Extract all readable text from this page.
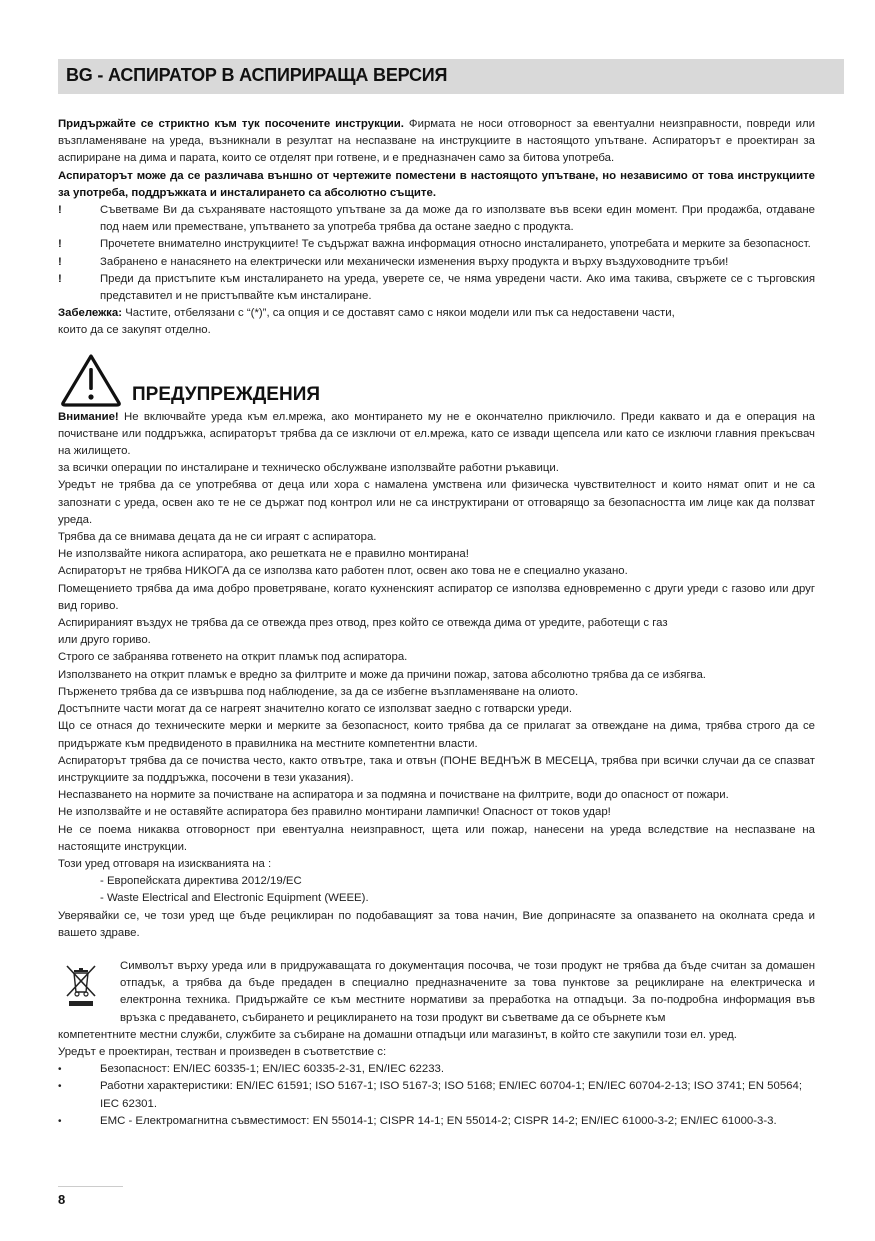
BG - АСПИРАТОР В АСПИРИРАЩА ВЕРСИЯ

Придържайте се стриктно към тук посочените инструкции. Фирмата не носи отговорност за евентуални неизправности, повреди или възпламеняване на уреда, възникнали в резултат на неспазване на инструкциите в настоящото упътване. Аспираторът е проектиран за аспириране на дима и парата, които се отделят при готвене, и е предназначен само за битова употреба.

Аспираторът може да се различава външно от чертежите поместени в настоящото упътване, но независимо от това инструкциите за употреба, поддръжката и инсталирането са абсолютно същите.

!	Съветваме Ви да съхранявате настоящото упътване за да може да го използвате във всеки един момент. При продажба, отдаване под наем или преместване, упътването за употреба трябва да остане заедно с продукта.
!	Прочетете внимателно инструкциите! Те съдържат важна информация относно инсталирането, употребата и мерките за безопасност.
!	Забранено е нанасянето на електрически или механически изменения върху продукта и върху въздуховодните тръби!
!	Преди да пристъпите към инсталирането на уреда, уверете се, че няма увредени части. Ако има такива, свържете се с търговския представител и не пристъпвайте към инсталиране.

Забележка: Частите, отбелязани с “(*)”, са опция и се доставят само с някои модели или пък са недоставени части,
които да се закупят отделно.

ПРЕДУПРЕЖДЕНИЯ

Внимание! Не включвайте уреда към ел.мрежа, ако монтирането му не е окончателно приключило. Преди каквато и да е операция на почистване или поддръжка, аспираторът трябва да се изключи от ел.мрежа, като се извади щепсела или като се изключи главния прекъсвач на жилището.

за всички операции по инсталиране и техническо обслужване използвайте работни ръкавици.

Уредът не трябва да се употребява от деца или хора с намалена умствена или физическа чувствителност и които нямат опит и не са запознати с уреда, освен ако те не се държат под контрол или не са инструктирани от отговарящо за безопасността им лице как да ползват уреда.

Трябва да се внимава децата да не си играят с аспиратора.

Не използвайте никога аспиратора, ако решетката не е правилно монтирана!

Аспираторът не трябва НИКОГА да се използва като работен плот, освен ако това не е специално указано.

Помещението трябва да има добро проветряване, когато кухненският аспиратор се използва едновременно с други уреди с газово или друг вид гориво.

Аспирираният въздух не трябва да се отвежда през отвод, през който се отвежда дима от уредите, работещи с газ
или друго гориво.

Строго се забранява готвенето на открит пламък под аспиратора.

Използването на открит пламък е вредно за филтрите и може да причини пожар, затова абсолютно трябва да се избягва.

Пърженето трябва да се извършва под наблюдение, за да се избегне възпламеняване на олиото.

Достъпните части могат да се нагреят значително когато се използват заедно с готварски уреди.

Що се отнася до техническите мерки и мерките за безопасност, които трябва да се прилагат за отвеждане на дима, трябва строго да се придържате към предвиденото в правилника на местните компетентни власти.

Аспираторът трябва да се почиства често, както отвътре, така и отвън (ПОНЕ ВЕДНЪЖ В МЕСЕЦА, трябва при всички случаи да се спазват инструкциите за поддръжка, посочени в тези указания).

Неспазването на нормите за почистване на аспиратора и за подмяна и почистване на филтрите, води до опасност от пожари.

Не използвайте и не оставяйте аспиратора без правилно монтирани лампички! Опасност от токов удар!

Не се поема никаква отговорност при евентуална неизправност, щета или пожар, нанесени на уреда вследствие на неспазване на настоящите инструкции.

Този уред отговаря на изискванията на :

- Европейската директива 2012/19/ЕС

- Waste Electrical and Electronic Equipment (WEEE).

Уверявайки се, че този уред ще бъде рециклиран по подобаващият за това начин, Вие допринасяте за опазването на околната среда и вашето здраве.

Символът върху уреда или в придружаващата го документация посочва, че този продукт не трябва да бъде считан за домашен отпадък, а трябва да бъде предаден в специално предназначените за това пунктове за рециклиране на електрическа и електронна техника. Придържайте се към местните нормативи за преработка на отпадъци. За по-подробна информация във връзка с предаването, събирането и рециклирането на този продукт ви съветваме да се обърнете към

компетентните местни служби, службите за събиране на домашни отпадъци или магазинът, в който сте закупили този ел. уред.

Уредът е проектиран, тестван и произведен в съответствие с:

•	Безопасност: EN/IEC 60335-1; EN/IEC 60335-2-31, EN/IEC 62233.
•	Работни характеристики: EN/IEC 61591; ISO 5167-1; ISO 5167-3; ISO 5168; EN/IEC 60704-1; EN/IEC 60704-2-13; ISO 3741; EN 50564; IEC 62301.
•	EMC - Електромагнитна съвместимост: EN 55014-1; CISPR 14-1; EN 55014-2; CISPR 14-2; EN/IEC 61000-3-2; EN/IEC 61000-3-3.
8
